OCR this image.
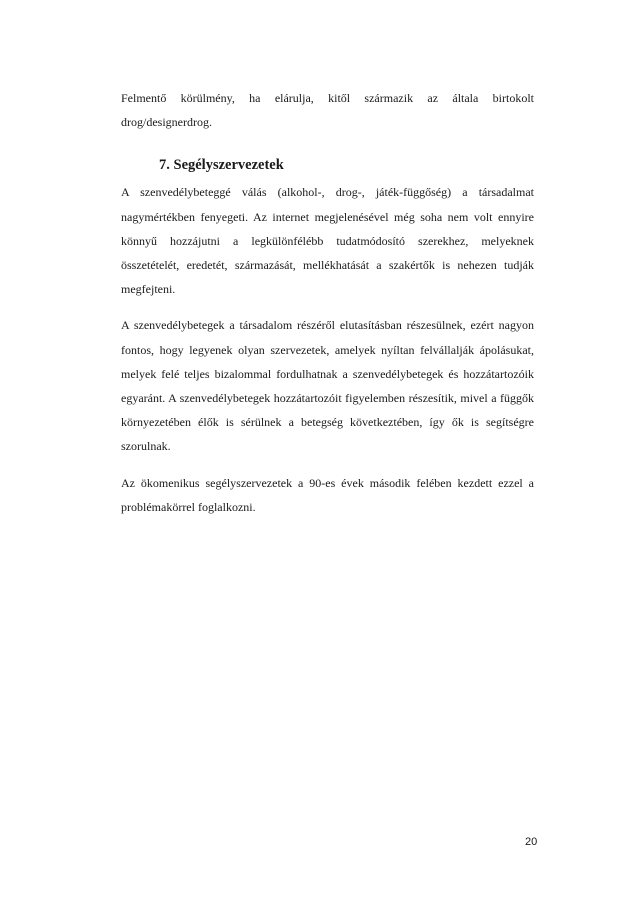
Felmentő körülmény, ha elárulja, kitől származik az általa birtokolt drog/designerdrog.

7. Segélyszervezetek

A szenvedélybeteggé válás (alkohol-, drog-, játék-függőség) a társadalmat nagymértékben fenyegeti. Az internet megjelenésével még soha nem volt ennyire könnyű hozzájutni a legkülönfélébb tudatmódosító szerekhez, melyeknek összetételét, eredetét, származását, mellékhatását a szakértők is nehezen tudják megfejteni.

A szenvedélybetegek a társadalom részéről elutasításban részesülnek, ezért nagyon fontos, hogy legyenek olyan szervezetek, amelyek nyíltan felvállalják ápolásukat, melyek felé teljes bizalommal fordulhatnak a szenvedélybetegek és hozzátartozóik egyaránt. A szenvedélybetegek hozzátartozóit figyelemben részesítik, mivel a függők környezetében élők is sérülnek a betegség következtében, így ők is segítségre szorulnak.

Az ökomenikus segélyszervezetek a 90-es évek második felében kezdett ezzel a problémakörrel foglalkozni.

20
